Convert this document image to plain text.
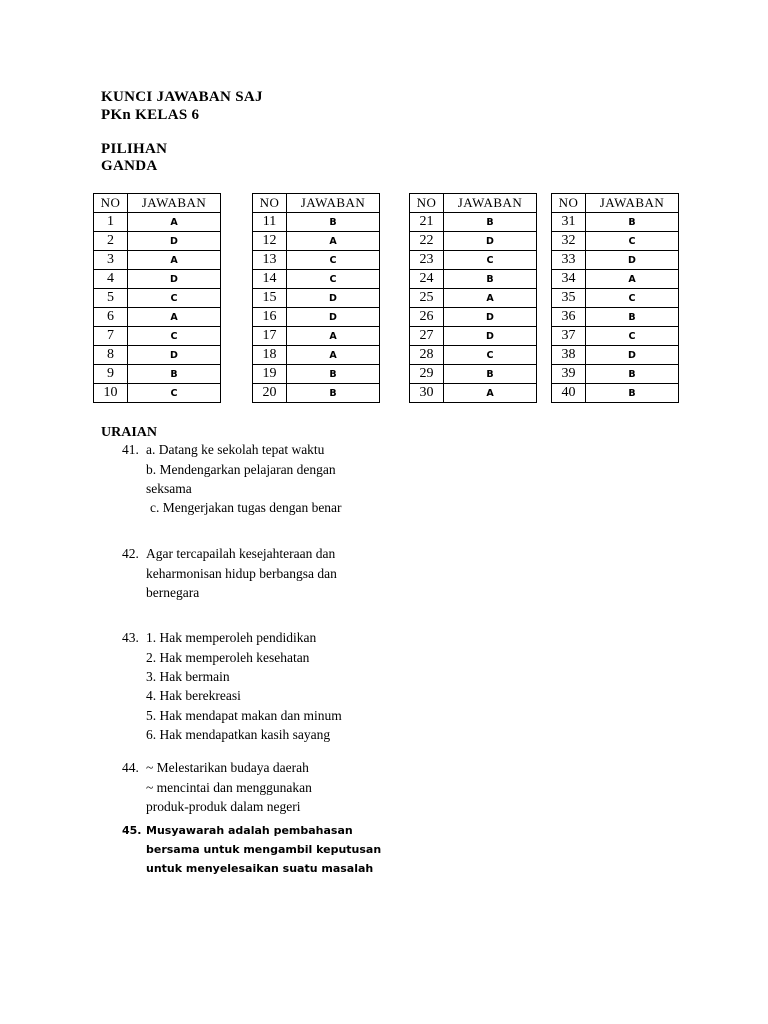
KUNCI JAWABAN SAJ
PKn KELAS 6
PILIHAN
GANDA
NO	JAWABAN
1	A
2	D
3	A
4	D
5	C
6	A
7	C
8	D
9	B
10	C
NO	JAWABAN
11	B
12	A
13	C
14	C
15	D
16	D
17	A
18	A
19	B
20	B
NO	JAWABAN
21	B
22	D
23	C
24	B
25	A
26	D
27	D
28	C
29	B
30	A
NO	JAWABAN
31	B
32	C
33	D
34	A
35	C
36	B
37	C
38	D
39	B
40	B
URAIAN
41. a. Datang ke sekolah tepat waktu
b. Mendengarkan pelajaran dengan
seksama
c. Mengerjakan tugas dengan benar
42. Agar tercapailah kesejahteraan dan
keharmonisan hidup berbangsa dan
bernegara
43. 1. Hak memperoleh pendidikan
2. Hak memperoleh kesehatan
3. Hak bermain
4. Hak berekreasi
5. Hak mendapat makan dan minum
6. Hak mendapatkan kasih sayang
44. ~ Melestarikan budaya daerah
~ mencintai dan menggunakan
produk-produk dalam negeri
45. Musyawarah adalah pembahasan
bersama untuk mengambil keputusan
untuk menyelesaikan suatu masalah
